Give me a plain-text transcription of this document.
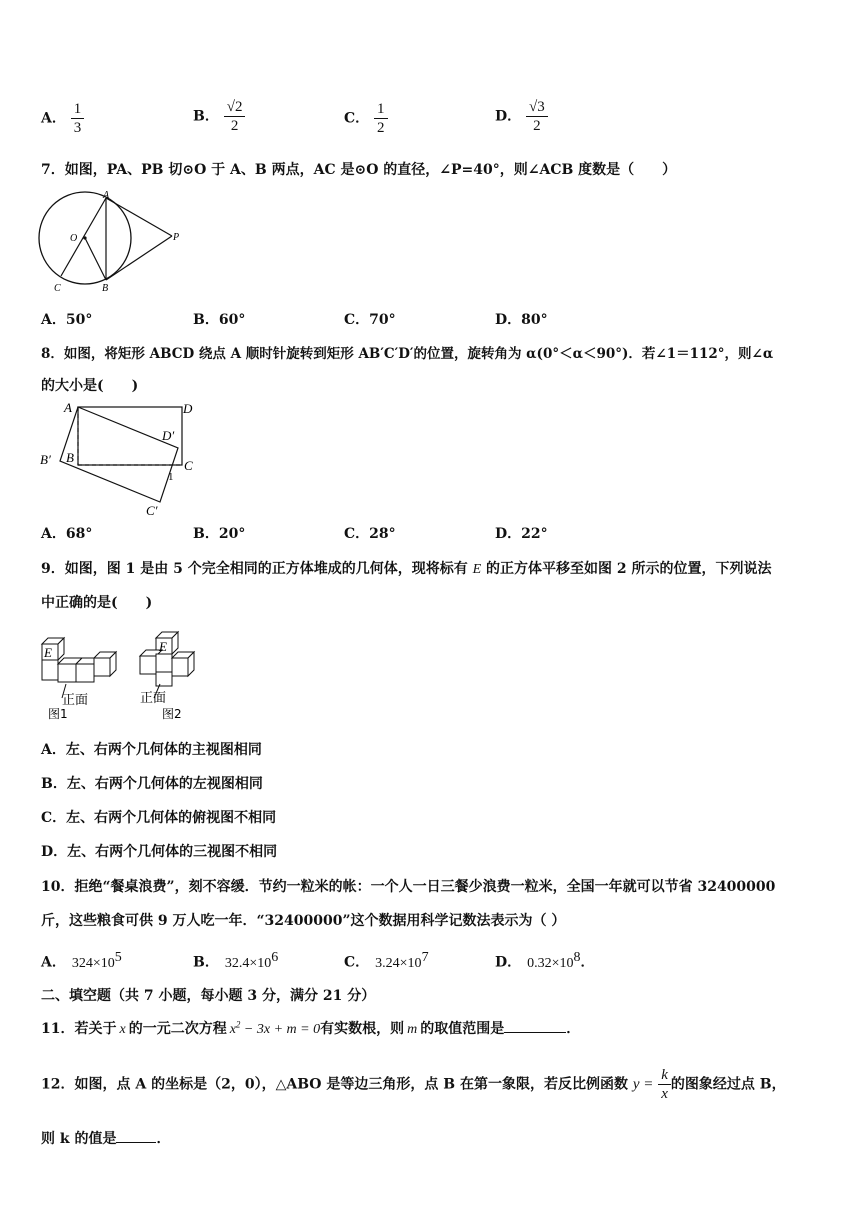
A． $\frac{1}{3}$	B． $\frac{√2}{2}$	C． $\frac{1}{2}$	D． $\frac{√3}{2}$
7．如图，PA、PB 切⊙O 于 A、B 两点，AC 是⊙O 的直径，∠P=40°，则∠ACB 度数是（　　）
A
O	P
C	B
A．50°	B．60°	C．70°	D．80°
8．如图，将矩形 ABCD 绕点 A 顺时针旋转到矩形 AB′C′D′的位置，旋转角为 α(0°＜α＜90°)．若∠1＝112°，则∠α
的大小是(　　)
A	D
D′
B′ B
C
1
C′
A．68°	B．20°	C．28°	D．22°
9．如图，图 1 是由 5 个完全相同的正方体堆成的几何体，现将标有 E 的正方体平移至如图 2 所示的位置，下列说法
中正确的是(　　)
E
正面
图1
E
正面
图2
A．左、右两个几何体的主视图相同
B．左、右两个几何体的左视图相同
C．左、右两个几何体的俯视图不相同
D．左、右两个几何体的三视图不相同
10．拒绝“餐桌浪费”，刻不容缓．节约一粒米的帐：一个人一日三餐少浪费一粒米，全国一年就可以节省 32400000
斤，这些粮食可供 9 万人吃一年．“32400000”这个数据用科学记数法表示为（ ）
A． $324\times 10^5$	B． $32.4\times 10^6$	C． $3.24\times 10^7$	D． $0.32\times 10^8$．
二、填空题（共 7 小题，每小题 3 分，满分 21 分）
11．若关于 x 的一元二次方程 $x^2 - 3x + m = 0$有实数根，则 m 的取值范围是	．
12．如图，点 A 的坐标是（2，0），△ABO 是等边三角形，点 B 在第一象限，若反比例函数 $y = \frac{k}{x}$ 的图象经过点 B，
则 k 的值是	．
